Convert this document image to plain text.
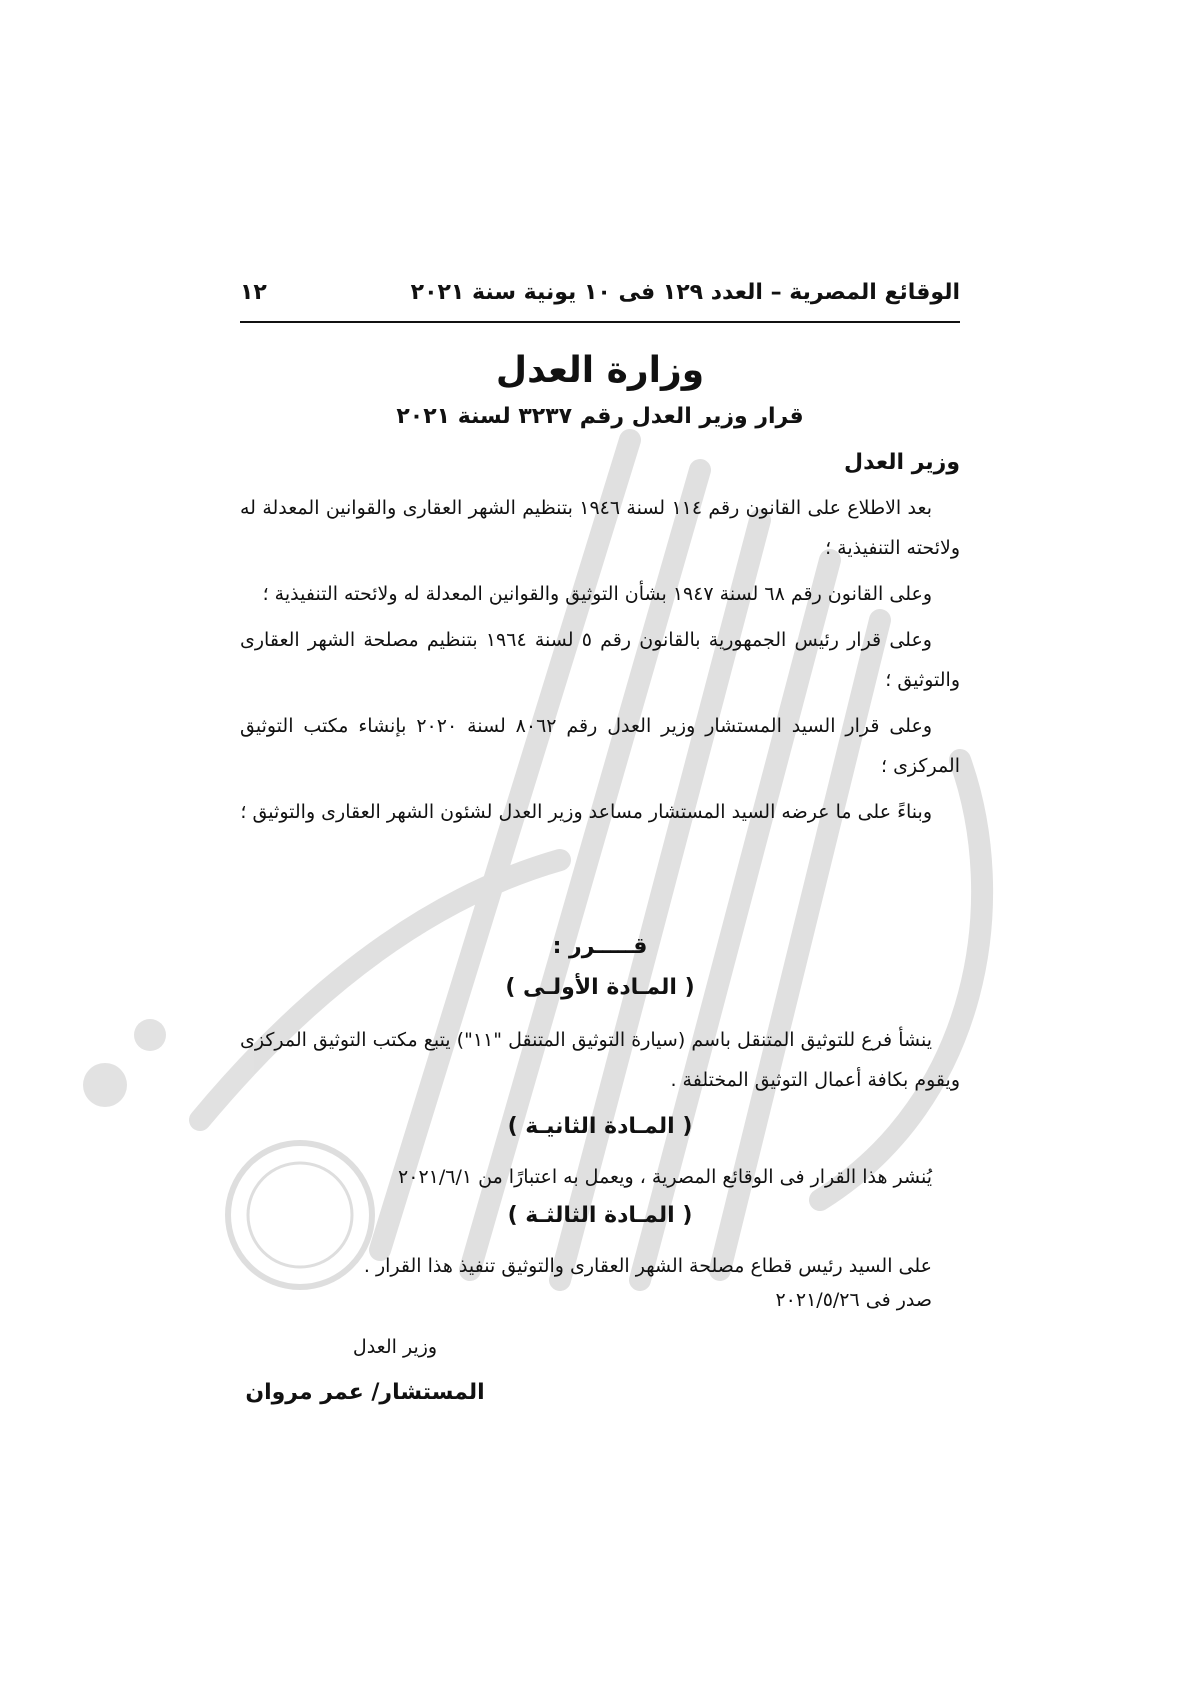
الوقائع المصرية – العدد ١٢٩ فى ١٠ يونية سنة ٢٠٢١
١٢
وزارة العدل
قرار وزير العدل رقم ٣٢٣٧ لسنة ٢٠٢١
وزير العدل

بعد الاطلاع على القانون رقم ١١٤ لسنة ١٩٤٦ بتنظيم الشهر العقارى والقوانين المعدلة له ولائحته التنفيذية ؛

وعلى القانون رقم ٦٨ لسنة ١٩٤٧ بشأن التوثيق والقوانين المعدلة له ولائحته التنفيذية ؛

وعلى قرار رئيس الجمهورية بالقانون رقم ٥ لسنة ١٩٦٤ بتنظيم مصلحة الشهر العقارى والتوثيق ؛

وعلى قرار السيد المستشار وزير العدل رقم ٨٠٦٢ لسنة ٢٠٢٠ بإنشاء مكتب التوثيق المركزى ؛

وبناءً على ما عرضه السيد المستشار مساعد وزير العدل لشئون الشهر العقارى والتوثيق ؛

قـــــرر :
( المـادة الأولـى )

ينشأ فرع للتوثيق المتنقل باسم (سيارة التوثيق المتنقل "١١") يتبع مكتب التوثيق المركزى ويقوم بكافة أعمال التوثيق المختلفة .

( المـادة الثانيـة )

يُنشر هذا القرار فى الوقائع المصرية ، ويعمل به اعتبارًا من ٢٠٢١/٦/١

( المـادة الثالثـة )

على السيد رئيس قطاع مصلحة الشهر العقارى والتوثيق تنفيذ هذا القرار .

صدر فى ٢٠٢١/٥/٢٦
وزير العدل
المستشار/ عمر مروان
